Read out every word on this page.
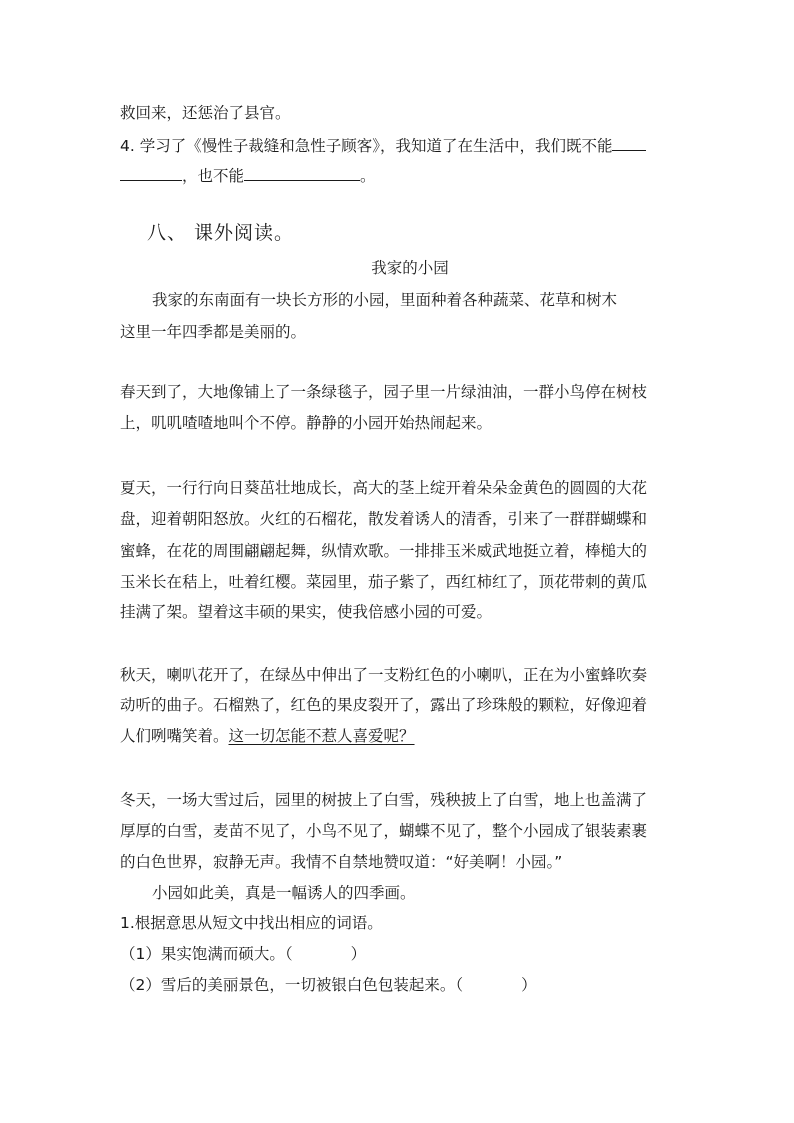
救回来，还惩治了县官。
4. 学习了《慢性子裁缝和急性子顾客》，我知道了在生活中，我们既不能
，也不能	。
八、 课外阅读。
我家的小园
我家的东南面有一块长方形的小园，里面种着各种蔬菜、花草和树木
这里一年四季都是美丽的。
春天到了，大地像铺上了一条绿毯子，园子里一片绿油油，一群小鸟停在树枝
上，叽叽喳喳地叫个不停。静静的小园开始热闹起来。
夏天，一行行向日葵茁壮地成长，高大的茎上绽开着朵朵金黄色的圆圆的大花
盘，迎着朝阳怒放。火红的石榴花，散发着诱人的清香，引来了一群群蝴蝶和
蜜蜂，在花的周围翩翩起舞，纵情欢歌。一排排玉米威武地挺立着，棒槌大的
玉米长在秸上，吐着红樱。菜园里，茄子紫了，西红柿红了，顶花带刺的黄瓜
挂满了架。望着这丰硕的果实，使我倍感小园的可爱。
秋天，喇叭花开了，在绿丛中伸出了一支粉红色的小喇叭，正在为小蜜蜂吹奏
动听的曲子。石榴熟了，红色的果皮裂开了，露出了珍珠般的颗粒，好像迎着
人们咧嘴笑着。这一切怎能不惹人喜爱呢？
冬天，一场大雪过后，园里的树披上了白雪，残秧披上了白雪，地上也盖满了
厚厚的白雪，麦苗不见了，小鸟不见了，蝴蝶不见了，整个小园成了银装素裹
的白色世界，寂静无声。我情不自禁地赞叹道：“好美啊！小园。”
小园如此美，真是一幅诱人的四季画。
1.根据意思从短文中找出相应的词语。
（1）果实饱满而硕大。（	）
（2）雪后的美丽景色，一切被银白色包装起来。（	）
